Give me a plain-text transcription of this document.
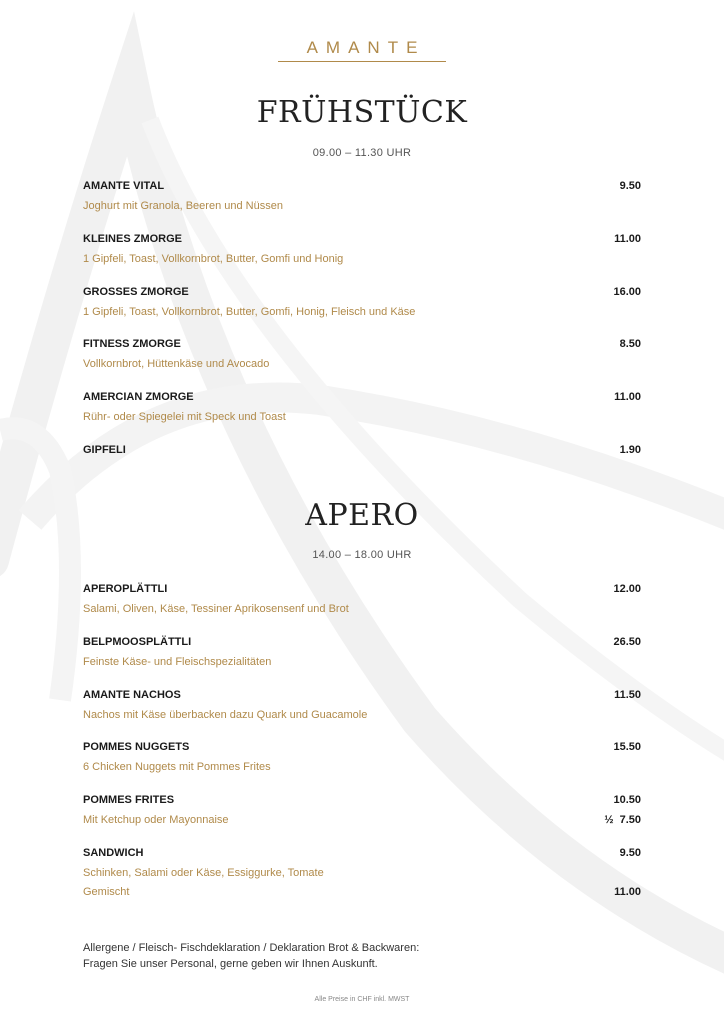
AMANTE
FRÜHSTÜCK
09.00 – 11.30 UHR
AMANTE VITAL	9.50
Joghurt mit Granola, Beeren und Nüssen
KLEINES ZMORGE	11.00
1 Gipfeli, Toast, Vollkornbrot, Butter, Gomfi und Honig
GROSSES ZMORGE	16.00
1 Gipfeli, Toast, Vollkornbrot, Butter, Gomfi, Honig, Fleisch und Käse
FITNESS ZMORGE	8.50
Vollkornbrot, Hüttenkäse und Avocado
AMERCIAN ZMORGE	11.00
Rühr- oder Spiegelei mit Speck und Toast
GIPFELI	1.90
APERO
14.00 – 18.00 UHR
APEROPLÄTTLI	12.00
Salami, Oliven, Käse, Tessiner Aprikosensenf und Brot
BELPMOOSPLÄTTLI	26.50
Feinste Käse- und Fleischspezialitäten
AMANTE NACHOS	11.50
Nachos mit Käse überbacken dazu Quark und Guacamole
POMMES NUGGETS	15.50
6 Chicken Nuggets mit Pommes Frites
POMMES FRITES	10.50
Mit Ketchup oder Mayonnaise	½ 7.50
SANDWICH	9.50
Schinken, Salami oder Käse, Essiggurke, Tomate
Gemischt	11.00
Allergene / Fleisch- Fischdeklaration / Deklaration Brot & Backwaren:
Fragen Sie unser Personal, gerne geben wir Ihnen Auskunft.
Alle Preise in CHF inkl. MWST
